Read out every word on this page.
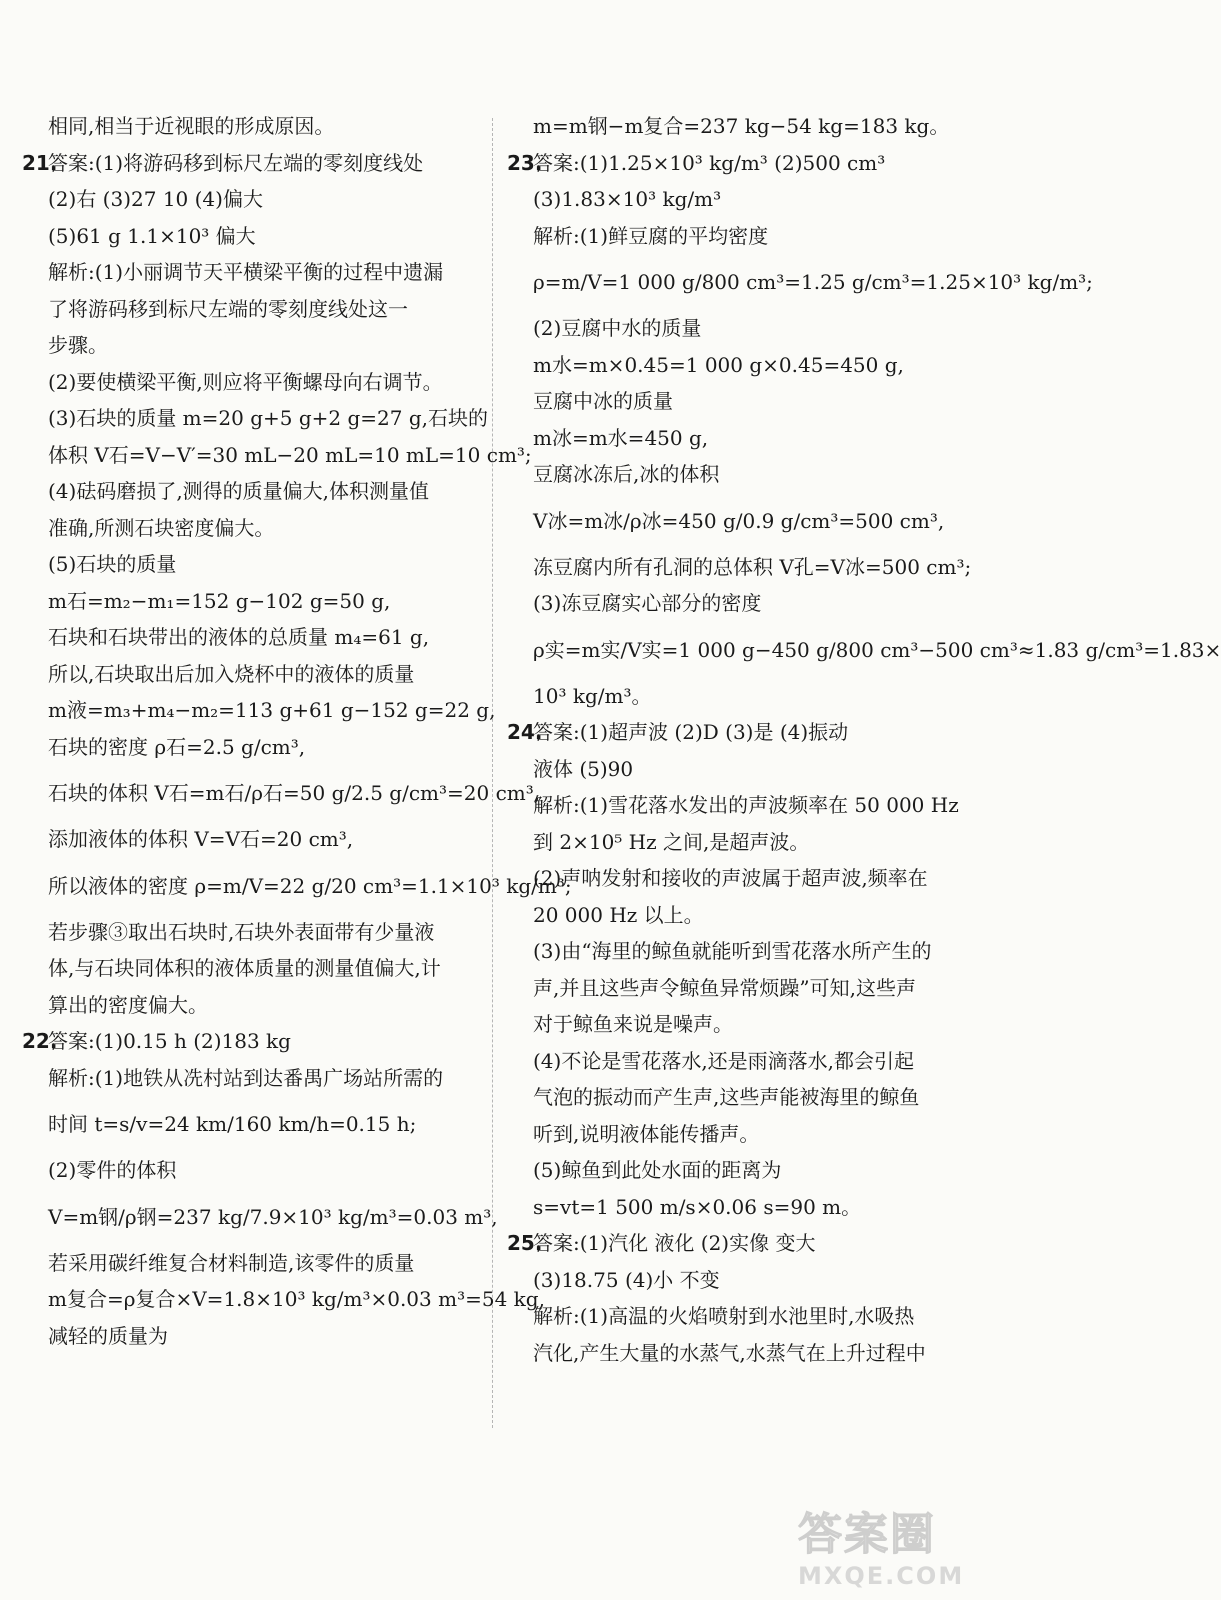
相同,相当于近视眼的形成原因。
21.答案:(1)将游码移到标尺左端的零刻度线处
(2)右 (3)27 10 (4)偏大
(5)61 g 1.1×10³ 偏大
解析:(1)小丽调节天平横梁平衡的过程中遗漏
了将游码移到标尺左端的零刻度线处这一
步骤。
(2)要使横梁平衡,则应将平衡螺母向右调节。
(3)石块的质量 m=20 g+5 g+2 g=27 g,石块的
体积 V石=V−V′=30 mL−20 mL=10 mL=10 cm³;
(4)砝码磨损了,测得的质量偏大,体积测量值
准确,所测石块密度偏大。
(5)石块的质量
m石=m₂−m₁=152 g−102 g=50 g,
石块和石块带出的液体的总质量 m₄=61 g,
所以,石块取出后加入烧杯中的液体的质量
m液=m₃+m₄−m₂=113 g+61 g−152 g=22 g,
石块的密度 ρ石=2.5 g/cm³,
石块的体积 V石=m石/ρ石=50 g/2.5 g/cm³=20 cm³,
添加液体的体积 V=V石=20 cm³,
所以液体的密度 ρ=m/V=22 g/20 cm³=1.1×10³ kg/m³;
若步骤③取出石块时,石块外表面带有少量液
体,与石块同体积的液体质量的测量值偏大,计
算出的密度偏大。
22.答案:(1)0.15 h (2)183 kg
解析:(1)地铁从冼村站到达番禺广场站所需的
时间 t=s/v=24 km/160 km/h=0.15 h;
(2)零件的体积
V=m钢/ρ钢=237 kg/7.9×10³ kg/m³=0.03 m³,
若采用碳纤维复合材料制造,该零件的质量
m复合=ρ复合×V=1.8×10³ kg/m³×0.03 m³=54 kg,
减轻的质量为
m=m钢−m复合=237 kg−54 kg=183 kg。
23.答案:(1)1.25×10³ kg/m³ (2)500 cm³
(3)1.83×10³ kg/m³
解析:(1)鲜豆腐的平均密度
ρ=m/V=1 000 g/800 cm³=1.25 g/cm³=1.25×10³ kg/m³;
(2)豆腐中水的质量
m水=m×0.45=1 000 g×0.45=450 g,
豆腐中冰的质量
m冰=m水=450 g,
豆腐冰冻后,冰的体积
V冰=m冰/ρ冰=450 g/0.9 g/cm³=500 cm³,
冻豆腐内所有孔洞的总体积 V孔=V冰=500 cm³;
(3)冻豆腐实心部分的密度
ρ实=m实/V实=1 000 g−450 g/800 cm³−500 cm³≈1.83 g/cm³=1.83×
10³ kg/m³。
24.答案:(1)超声波 (2)D (3)是 (4)振动
液体 (5)90
解析:(1)雪花落水发出的声波频率在 50 000 Hz
到 2×10⁵ Hz 之间,是超声波。
(2)声呐发射和接收的声波属于超声波,频率在
20 000 Hz 以上。
(3)由“海里的鲸鱼就能听到雪花落水所产生的
声,并且这些声令鲸鱼异常烦躁”可知,这些声
对于鲸鱼来说是噪声。
(4)不论是雪花落水,还是雨滴落水,都会引起
气泡的振动而产生声,这些声能被海里的鲸鱼
听到,说明液体能传播声。
(5)鲸鱼到此处水面的距离为
s=vt=1 500 m/s×0.06 s=90 m。
25.答案:(1)汽化 液化 (2)实像 变大
(3)18.75 (4)小 不变
解析:(1)高温的火焰喷射到水池里时,水吸热
汽化,产生大量的水蒸气,水蒸气在上升过程中
答案圈
MXQE.COM
